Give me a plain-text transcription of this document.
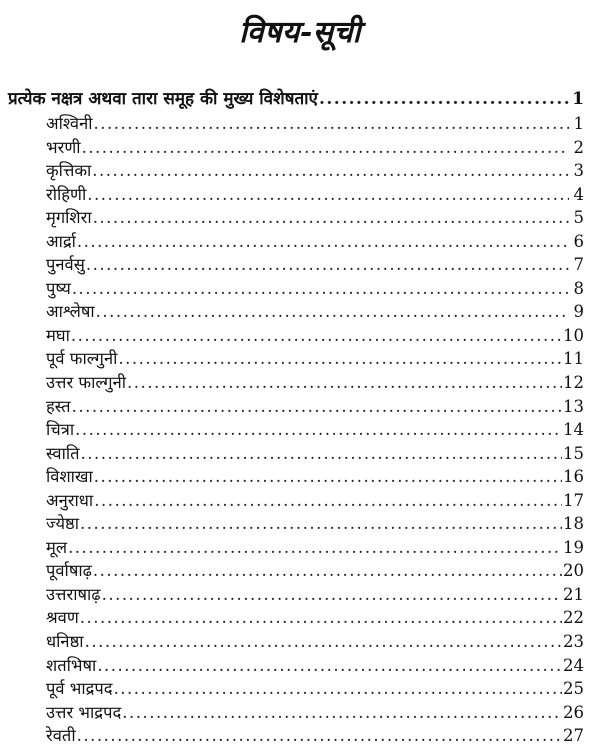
विषय-सूची
प्रत्येक नक्षत्र अथवा तारा समूह की मुख्य विशेषताएं .....	1
अश्विनी .....	1
भरणी .....	2
कृत्तिका .....	3
रोहिणी .....	4
मृगशिरा .....	5
आर्द्रा .....	6
पुनर्वसु .....	7
पुष्य .....	8
आश्लेषा .....	9
मघा .....	10
पूर्व फाल्गुनी .....	11
उत्तर फाल्गुनी .....	12
हस्त .....	13
चित्रा .....	14
स्वाति .....	15
विशाखा .....	16
अनुराधा .....	17
ज्येष्ठा .....	18
मूल .....	19
पूर्वाषाढ़ .....	20
उत्तराषाढ़ .....	21
श्रवण .....	22
धनिष्ठा .....	23
शतभिषा .....	24
पूर्व भाद्रपद .....	25
उत्तर भाद्रपद .....	26
रेवती .....	27
